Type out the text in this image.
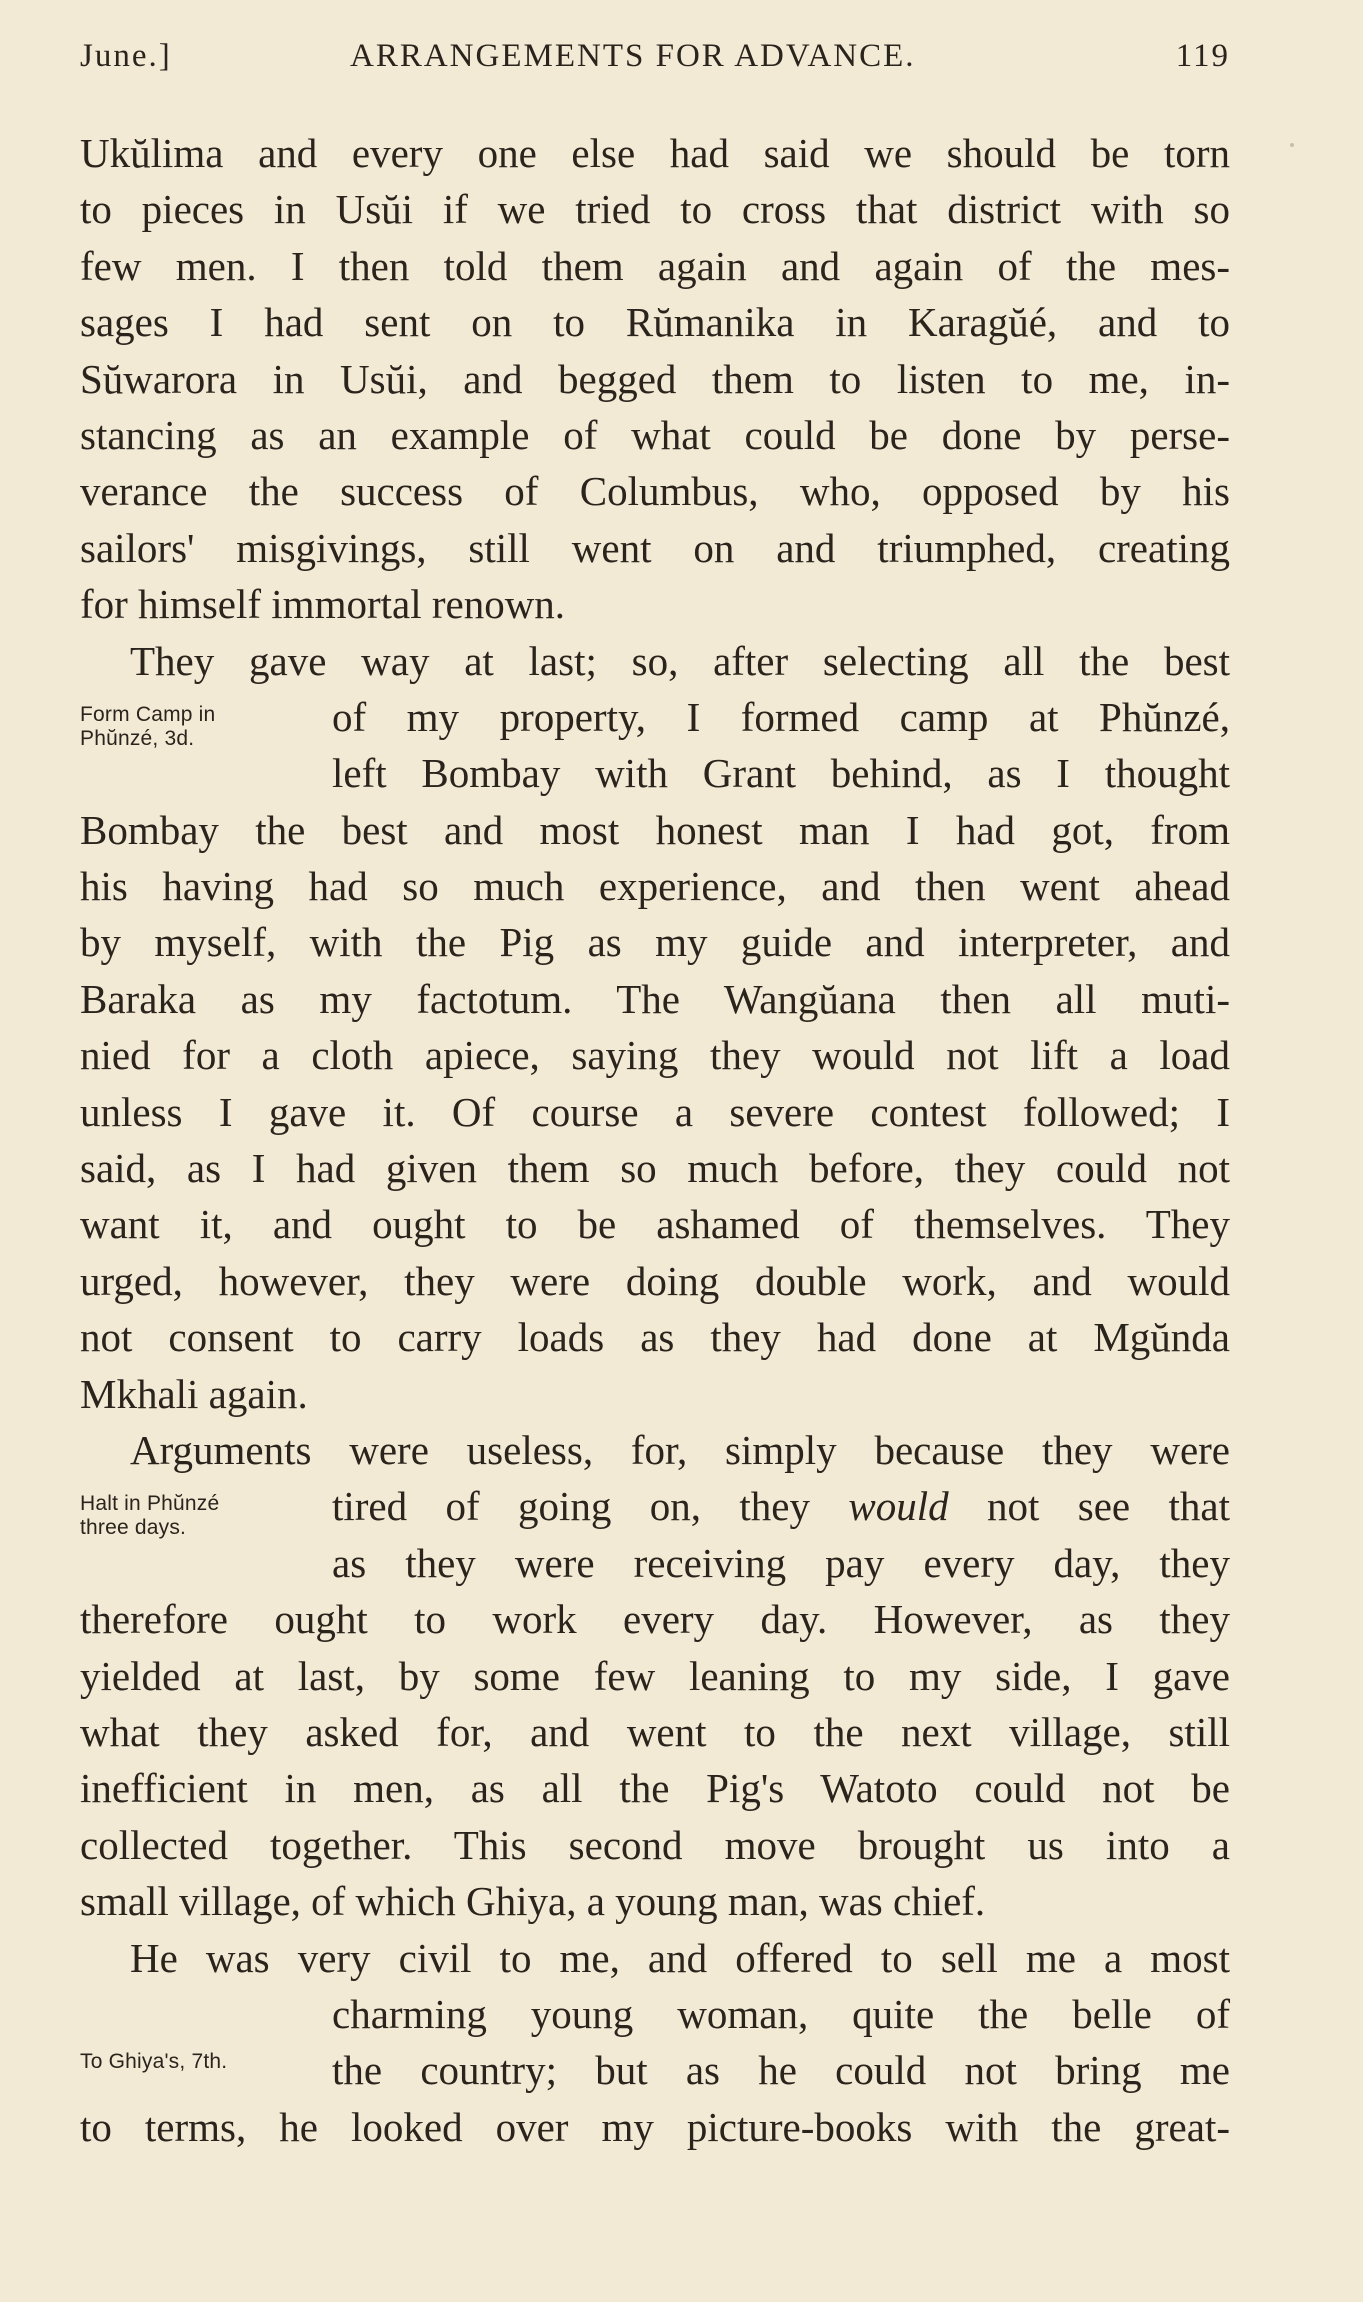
June.]	ARRANGEMENTS FOR ADVANCE.	119
Ukŭlima and every one else had said we should be torn
to pieces in Usŭi if we tried to cross that district with so
few men. I then told them again and again of the mes-
sages I had sent on to Rŭmanika in Karagŭé, and to
Sŭwarora in Usŭi, and begged them to listen to me, in-
stancing as an example of what could be done by perse-
verance the success of Columbus, who, opposed by his
sailors' misgivings, still went on and triumphed, creating
for himself immortal renown.
They gave way at last; so, after selecting all the best
Form Camp in
Phŭnzé, 3d.	of my property, I formed camp at Phŭnzé,
left Bombay with Grant behind, as I thought
Bombay the best and most honest man I had got, from
his having had so much experience, and then went ahead
by myself, with the Pig as my guide and interpreter, and
Baraka as my factotum. The Wangŭana then all muti-
nied for a cloth apiece, saying they would not lift a load
unless I gave it. Of course a severe contest followed; I
said, as I had given them so much before, they could not
want it, and ought to be ashamed of themselves. They
urged, however, they were doing double work, and would
not consent to carry loads as they had done at Mgŭnda
Mkhali again.
Arguments were useless, for, simply because they were
Halt in Phŭnzé
three days.	tired of going on, they would not see that
as they were receiving pay every day, they
therefore ought to work every day. However, as they
yielded at last, by some few leaning to my side, I gave
what they asked for, and went to the next village, still
inefficient in men, as all the Pig's Watoto could not be
collected together. This second move brought us into a
small village, of which Ghiya, a young man, was chief.
He was very civil to me, and offered to sell me a most
charming young woman, quite the belle of
To Ghiya's, 7th.	the country; but as he could not bring me
to terms, he looked over my picture-books with the great-
